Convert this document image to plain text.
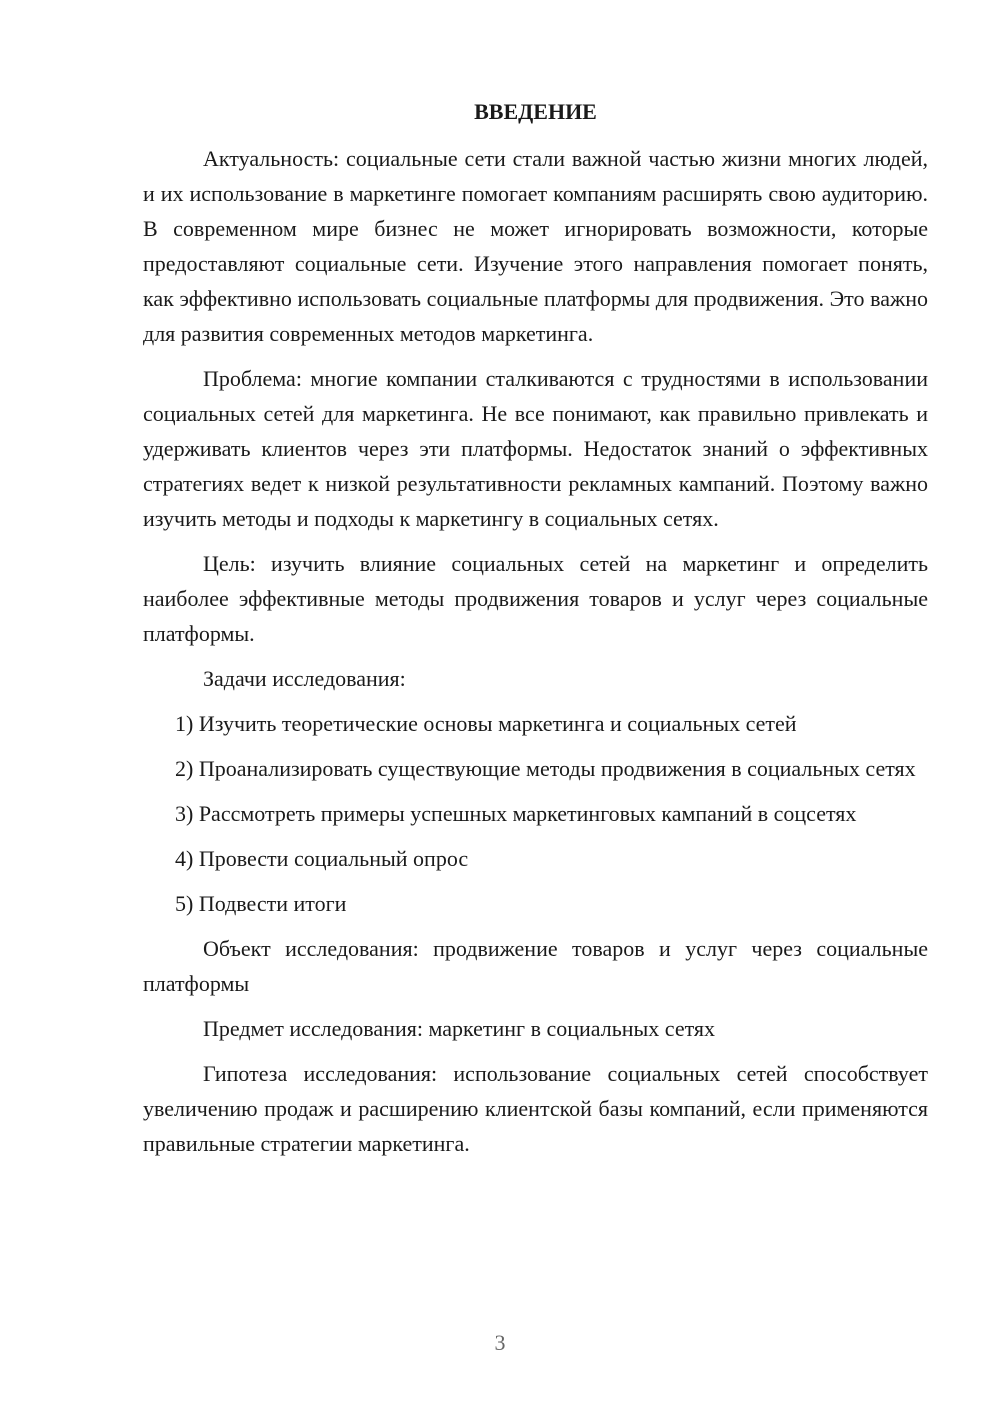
ВВЕДЕНИЕ

Актуальность: социальные сети стали важной частью жизни многих людей, и их использование в маркетинге помогает компаниям расширять свою аудиторию. В современном мире бизнес не может игнорировать возможности, которые предоставляют социальные сети. Изучение этого направления помогает понять, как эффективно использовать социальные платформы для продвижения. Это важно для развития современных методов маркетинга.

Проблема: многие компании сталкиваются с трудностями в использовании социальных сетей для маркетинга. Не все понимают, как правильно привлекать и удерживать клиентов через эти платформы. Недостаток знаний о эффективных стратегиях ведет к низкой результативности рекламных кампаний. Поэтому важно изучить методы и подходы к маркетингу в социальных сетях.

Цель: изучить влияние социальных сетей на маркетинг и определить наиболее эффективные методы продвижения товаров и услуг через социальные платформы.

Задачи исследования:

1) Изучить теоретические основы маркетинга и социальных сетей

2) Проанализировать существующие методы продвижения в социальных сетях

3) Рассмотреть примеры успешных маркетинговых кампаний в соцсетях

4) Провести социальный опрос

5) Подвести итоги

Объект исследования: продвижение товаров и услуг через социальные платформы

Предмет исследования: маркетинг в социальных сетях

Гипотеза исследования: использование социальных сетей способствует увеличению продаж и расширению клиентской базы компаний, если применяются правильные стратегии маркетинга.

3
